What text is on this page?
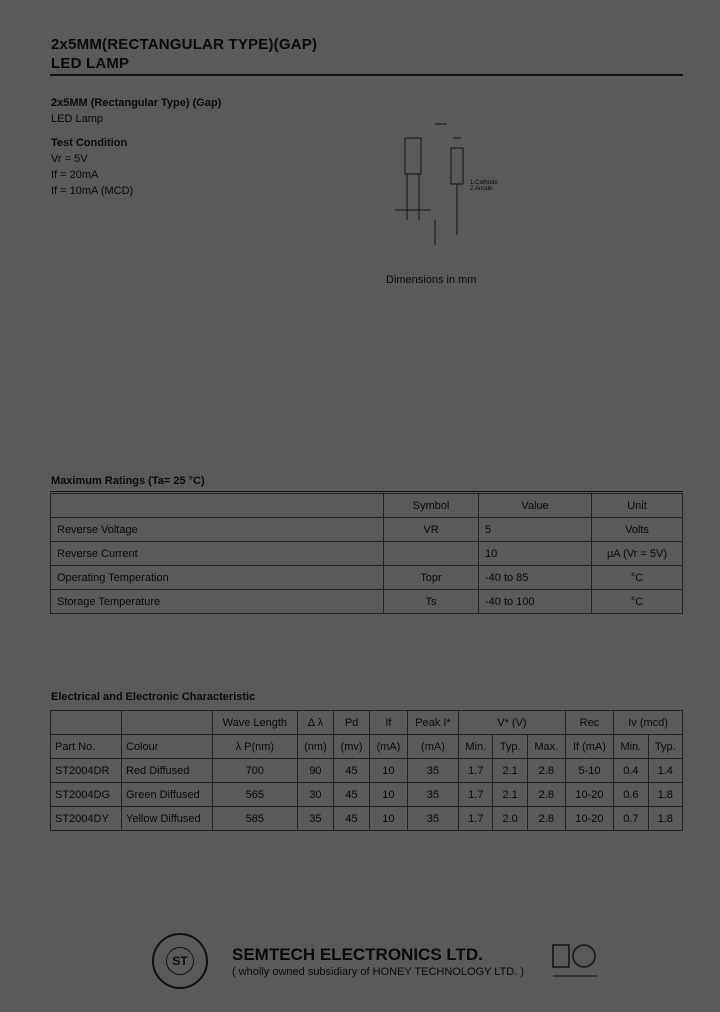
2x5MM(RECTANGULAR TYPE)(GAP)
LED LAMP
2x5MM (Rectangular Type) (Gap)
LED Lamp
Test Condition
Vr = 5V
If = 20mA
If = 10mA (MCD)
1.Cathode
2.Anode
Dimensions in mm
Maximum Ratings (Ta= 25 °C)
	Symbol	Value	Unit
Reverse Voltage	VR	5	Volts
Reverse Current		10	µA (Vr = 5V)
Operating Temperation	Topr	-40 to 85	°C
Storage Temperature	Ts	-40 to 100	°C
Electrical and Electronic Characteristic
		Wave Length	Δ λ	Pd	If	Peak I*	V* (V)			Rec	Iv (mcd)	
Part No.	Colour	λ P(nm)	(nm)	(mv)	(mA)	(mA)	Min.	Typ.	Max.	If (mA)	Min.	Typ.
ST2004DR	Red Diffused	700	90	45	10	35	1.7	2.1	2.8	5-10	0.4	1.4
ST2004DG	Green Diffused	565	30	45	10	35	1.7	2.1	2.8	10-20	0.6	1.8
ST2004DY	Yellow Diffused	585	35	45	10	35	1.7	2.0	2.8	10-20	0.7	1.8
ST	SEMTECH ELECTRONICS LTD.
( wholly owned subsidiary of HONEY TECHNOLOGY LTD. )
